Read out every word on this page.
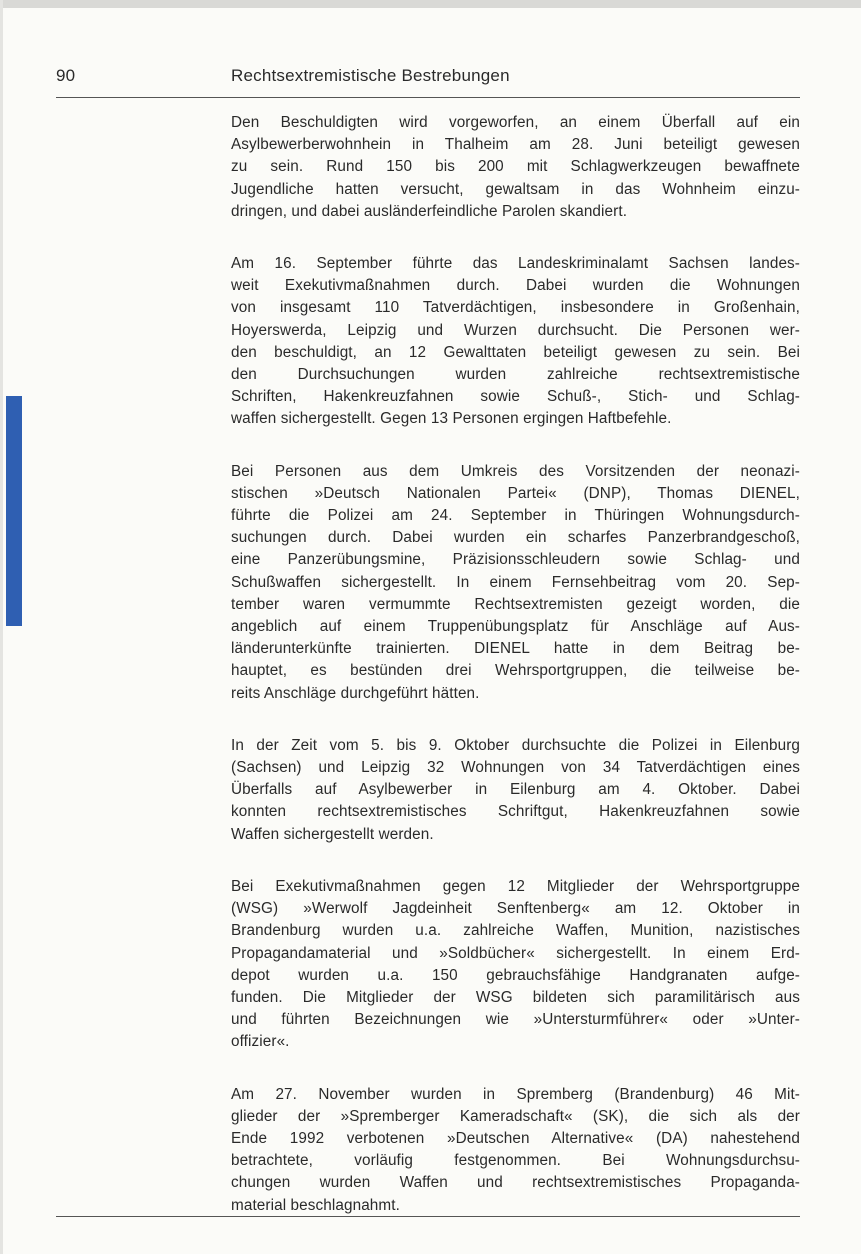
90	Rechtsextremistische Bestrebungen

Den Beschuldigten wird vorgeworfen, an einem Überfall auf ein
Asylbewerberwohnhein in Thalheim am 28. Juni beteiligt gewesen
zu sein. Rund 150 bis 200 mit Schlagwerkzeugen bewaffnete
Jugendliche hatten versucht, gewaltsam in das Wohnheim einzu-
dringen, und dabei ausländerfeindliche Parolen skandiert.

Am 16. September führte das Landeskriminalamt Sachsen landes-
weit Exekutivmaßnahmen durch. Dabei wurden die Wohnungen
von insgesamt 110 Tatverdächtigen, insbesondere in Großenhain,
Hoyerswerda, Leipzig und Wurzen durchsucht. Die Personen wer-
den beschuldigt, an 12 Gewalttaten beteiligt gewesen zu sein. Bei
den Durchsuchungen wurden zahlreiche rechtsextremistische
Schriften, Hakenkreuzfahnen sowie Schuß-, Stich- und Schlag-
waffen sichergestellt. Gegen 13 Personen ergingen Haftbefehle.

Bei Personen aus dem Umkreis des Vorsitzenden der neonazi-
stischen »Deutsch Nationalen Partei« (DNP), Thomas DIENEL,
führte die Polizei am 24. September in Thüringen Wohnungsdurch-
suchungen durch. Dabei wurden ein scharfes Panzerbrandgeschoß,
eine Panzerübungsmine, Präzisionsschleudern sowie Schlag- und
Schußwaffen sichergestellt. In einem Fernsehbeitrag vom 20. Sep-
tember waren vermummte Rechtsextremisten gezeigt worden, die
angeblich auf einem Truppenübungsplatz für Anschläge auf Aus-
länderunterkünfte trainierten. DIENEL hatte in dem Beitrag be-
hauptet, es bestünden drei Wehrsportgruppen, die teilweise be-
reits Anschläge durchgeführt hätten.

In der Zeit vom 5. bis 9. Oktober durchsuchte die Polizei in Eilenburg
(Sachsen) und Leipzig 32 Wohnungen von 34 Tatverdächtigen eines
Überfalls auf Asylbewerber in Eilenburg am 4. Oktober. Dabei
konnten rechtsextremistisches Schriftgut, Hakenkreuzfahnen sowie
Waffen sichergestellt werden.

Bei Exekutivmaßnahmen gegen 12 Mitglieder der Wehrsportgruppe
(WSG) »Werwolf Jagdeinheit Senftenberg« am 12. Oktober in
Brandenburg wurden u.a. zahlreiche Waffen, Munition, nazistisches
Propagandamaterial und »Soldbücher« sichergestellt. In einem Erd-
depot wurden u.a. 150 gebrauchsfähige Handgranaten aufge-
funden. Die Mitglieder der WSG bildeten sich paramilitärisch aus
und führten Bezeichnungen wie »Untersturmführer« oder »Unter-
offizier«.

Am 27. November wurden in Spremberg (Brandenburg) 46 Mit-
glieder der »Spremberger Kameradschaft« (SK), die sich als der
Ende 1992 verbotenen »Deutschen Alternative« (DA) nahestehend
betrachtete, vorläufig festgenommen. Bei Wohnungsdurchsu-
chungen wurden Waffen und rechtsextremistisches Propaganda-
material beschlagnahmt.
